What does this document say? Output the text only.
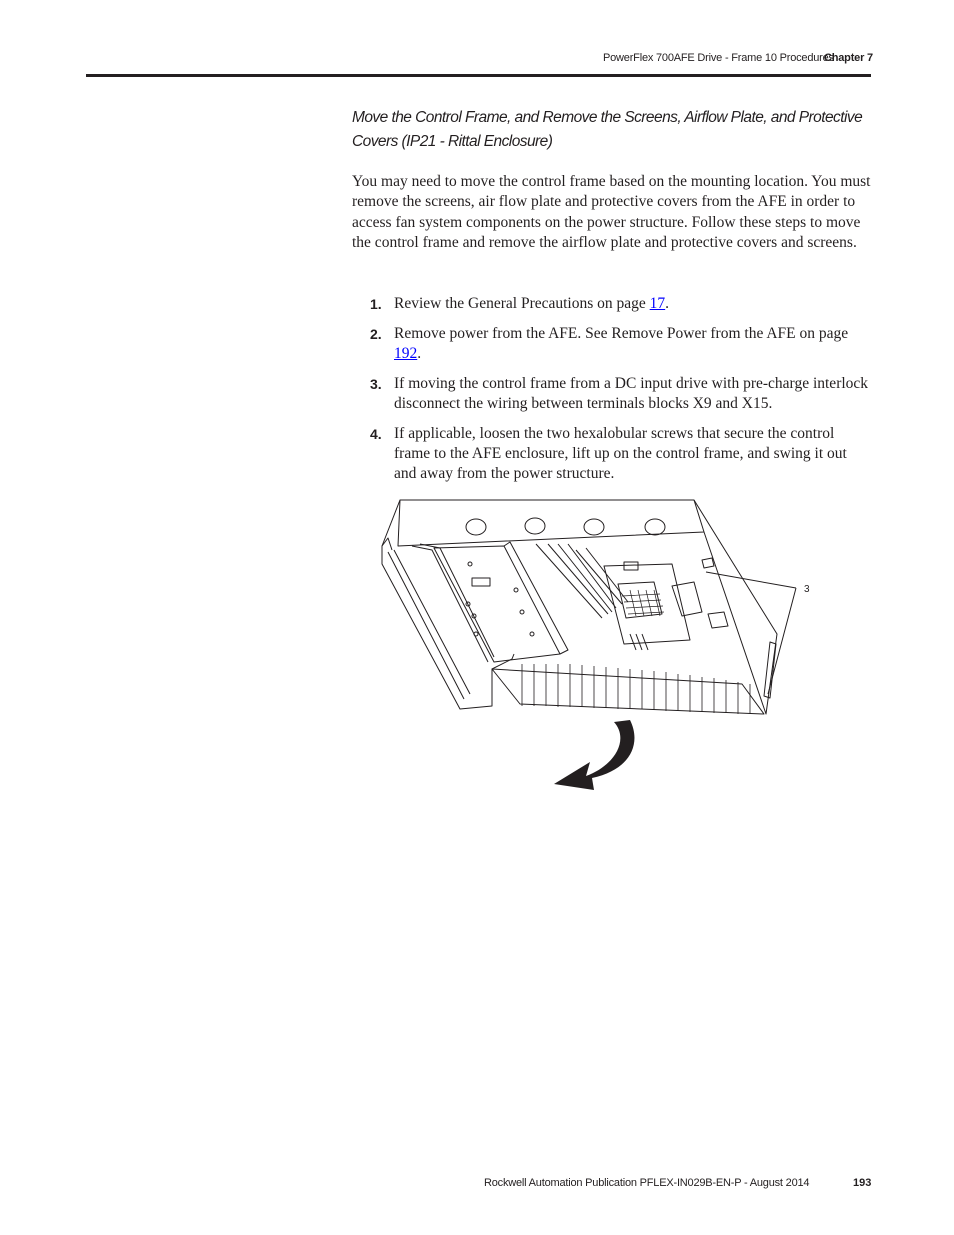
PowerFlex 700AFE Drive - Frame 10 Procedures
Chapter 7
Move the Control Frame, and Remove the Screens, Airflow Plate, and Protective Covers (IP21 - Rittal Enclosure)
You may need to move the control frame based on the mounting location. You must remove the screens, air flow plate and protective covers from the AFE in order to access fan system components on the power structure. Follow these steps to move the control frame and remove the airflow plate and protective covers and screens.
1. Review the General Precautions on page 17.
2. Remove power from the AFE. See Remove Power from the AFE on page 192.
3. If moving the control frame from a DC input drive with pre-charge interlock disconnect the wiring between terminals blocks X9 and X15.
4. If applicable, loosen the two hexalobular screws that secure the control frame to the AFE enclosure, lift up on the control frame, and swing it out and away from the power structure.
3
Rockwell Automation Publication PFLEX-IN029B-EN-P - August 2014	193
